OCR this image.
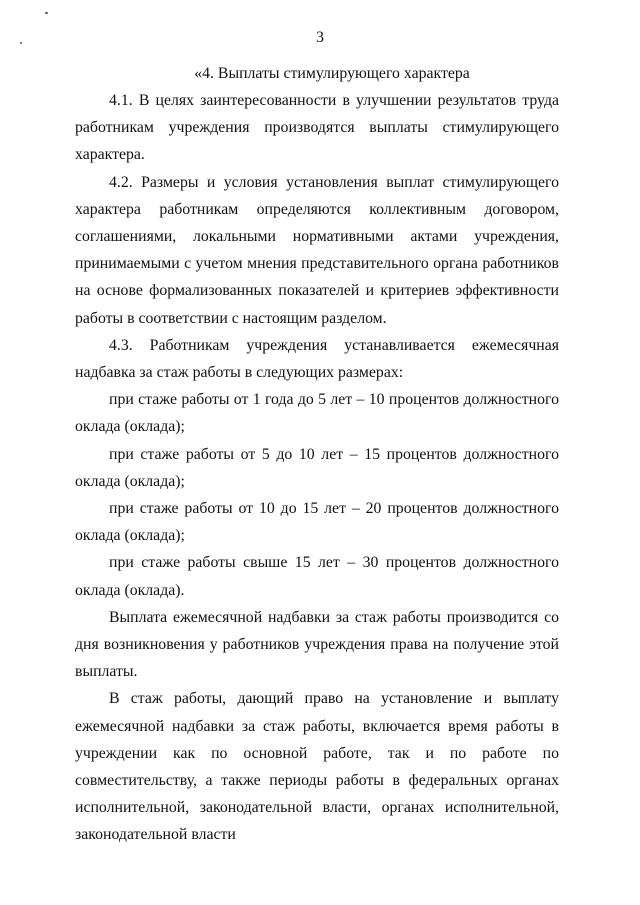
3
«4. Выплаты стимулирующего характера

4.1. В целях заинтересованности в улучшении результатов труда работникам учреждения производятся выплаты стимулирующего характера.

4.2. Размеры и условия установления выплат стимулирующего характера работникам определяются коллективным договором, соглашениями, локальными нормативными актами учреждения, принимаемыми с учетом мнения представительного органа работников на основе формализованных показателей и критериев эффективности работы в соответствии с настоящим разделом.

4.3. Работникам учреждения устанавливается ежемесячная надбавка за стаж работы в следующих размерах:

при стаже работы от 1 года до 5 лет – 10 процентов должностного оклада (оклада);

при стаже работы от 5 до 10 лет – 15 процентов должностного оклада (оклада);

при стаже работы от 10 до 15 лет – 20 процентов должностного оклада (оклада);

при стаже работы свыше 15 лет – 30 процентов должностного оклада (оклада).

Выплата ежемесячной надбавки за стаж работы производится со дня возникновения у работников учреждения права на получение этой выплаты.

В стаж работы, дающий право на установление и выплату ежемесячной надбавки за стаж работы, включается время работы в учреждении как по основной работе, так и по работе по совместительству, а также периоды работы в федеральных органах исполнительной, законодательной власти, органах исполнительной, законодательной власти
